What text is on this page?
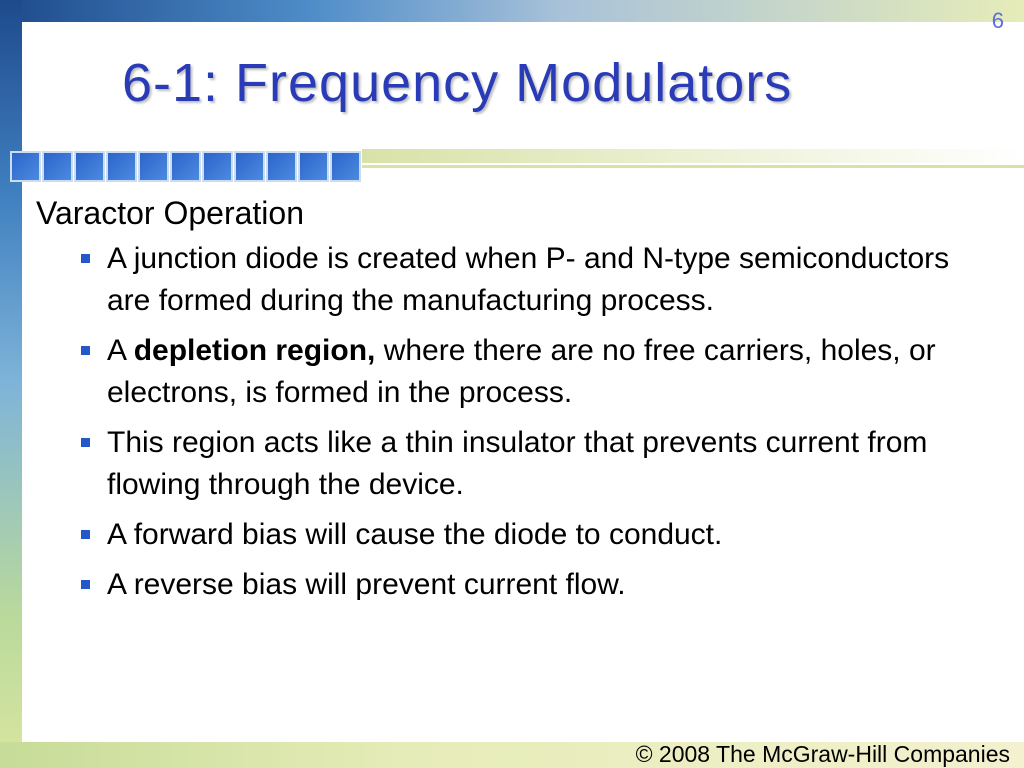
6
6-1: Frequency Modulators

Varactor Operation

A junction diode is created when P- and N-type semiconductors are formed during the manufacturing process.
A depletion region, where there are no free carriers, holes, or electrons, is formed in the process.
This region acts like a thin insulator that prevents current from flowing through the device.
A forward bias will cause the diode to conduct.
A reverse bias will prevent current flow.
© 2008 The McGraw-Hill Companies
